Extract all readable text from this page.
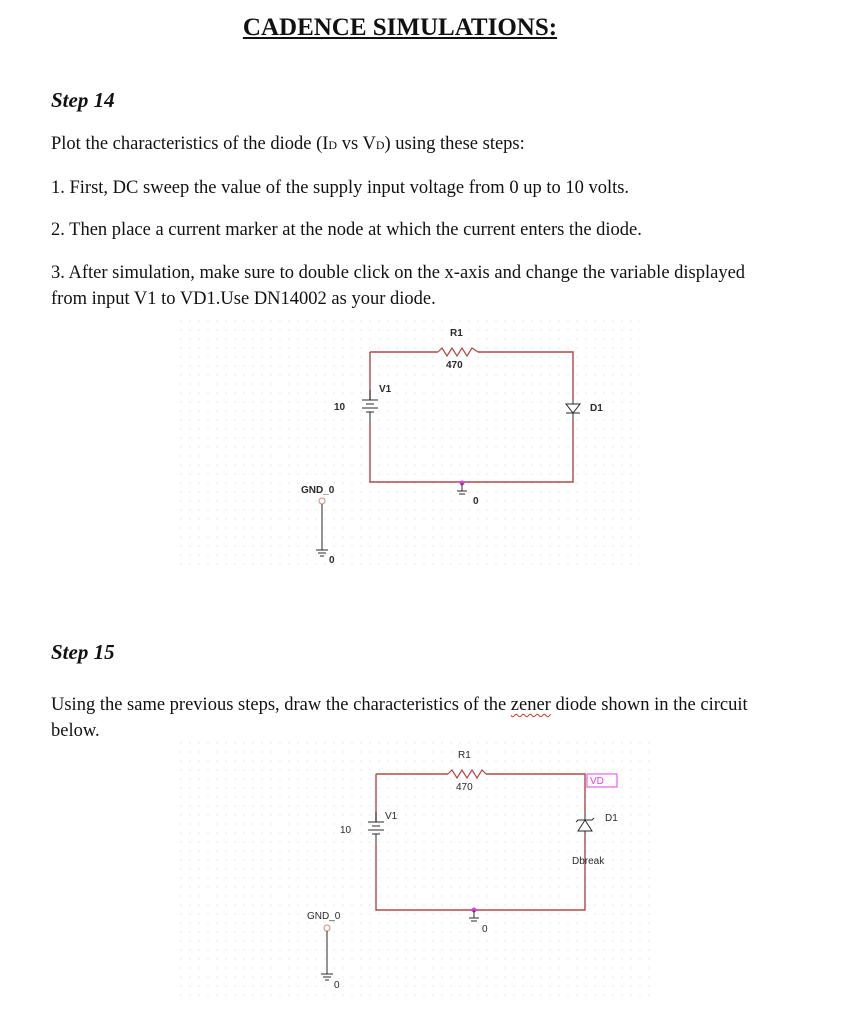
CADENCE SIMULATIONS:
Step 14
Plot the characteristics of the diode (ID vs VD) using these steps:
1. First, DC sweep the value of the supply input voltage from 0 up to 10 volts.
2. Then place a current marker at the node at which the current enters the diode.
3. After simulation, make sure to double click on the x-axis and change the variable displayed from input V1 to VD1.Use DN14002 as your diode.
R1
470
V1
10	D1
0
GND_0
0
Step 15
Using the same previous steps, draw the characteristics of the zener diode shown in the circuit below.
R1
470
V1
10
VD
D1
Dbreak
0
GND_0
0
